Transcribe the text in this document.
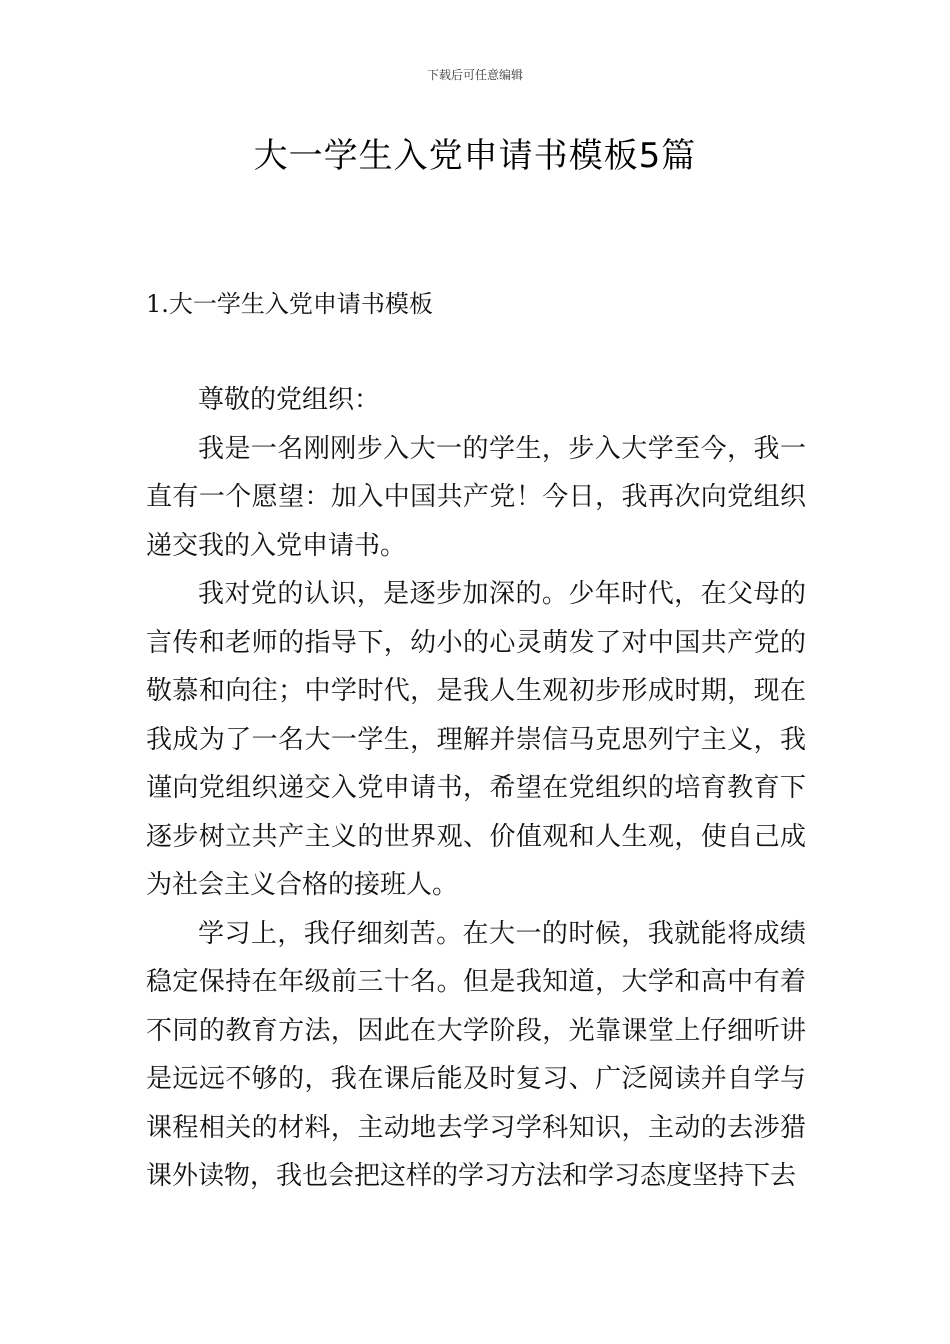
下载后可任意编辑
大一学生入党申请书模板5篇
1.大一学生入党申请书模板

尊敬的党组织：

我是一名刚刚步入大一的学生，步入大学至今，我一直有一个愿望：加入中国共产党！今日，我再次向党组织递交我的入党申请书。

我对党的认识，是逐步加深的。少年时代，在父母的言传和老师的指导下，幼小的心灵萌发了对中国共产党的敬慕和向往；中学时代，是我人生观初步形成时期，现在我成为了一名大一学生，理解并崇信马克思列宁主义，我谨向党组织递交入党申请书，希望在党组织的培育教育下逐步树立共产主义的世界观、价值观和人生观，使自己成为社会主义合格的接班人。

学习上，我仔细刻苦。在大一的时候，我就能将成绩稳定保持在年级前三十名。但是我知道，大学和高中有着不同的教育方法，因此在大学阶段，光靠课堂上仔细听讲是远远不够的，我在课后能及时复习、广泛阅读并自学与课程相关的材料，主动地去学习学科知识，主动的去涉猎课外读物，我也会把这样的学习方法和学习态度坚持下去
